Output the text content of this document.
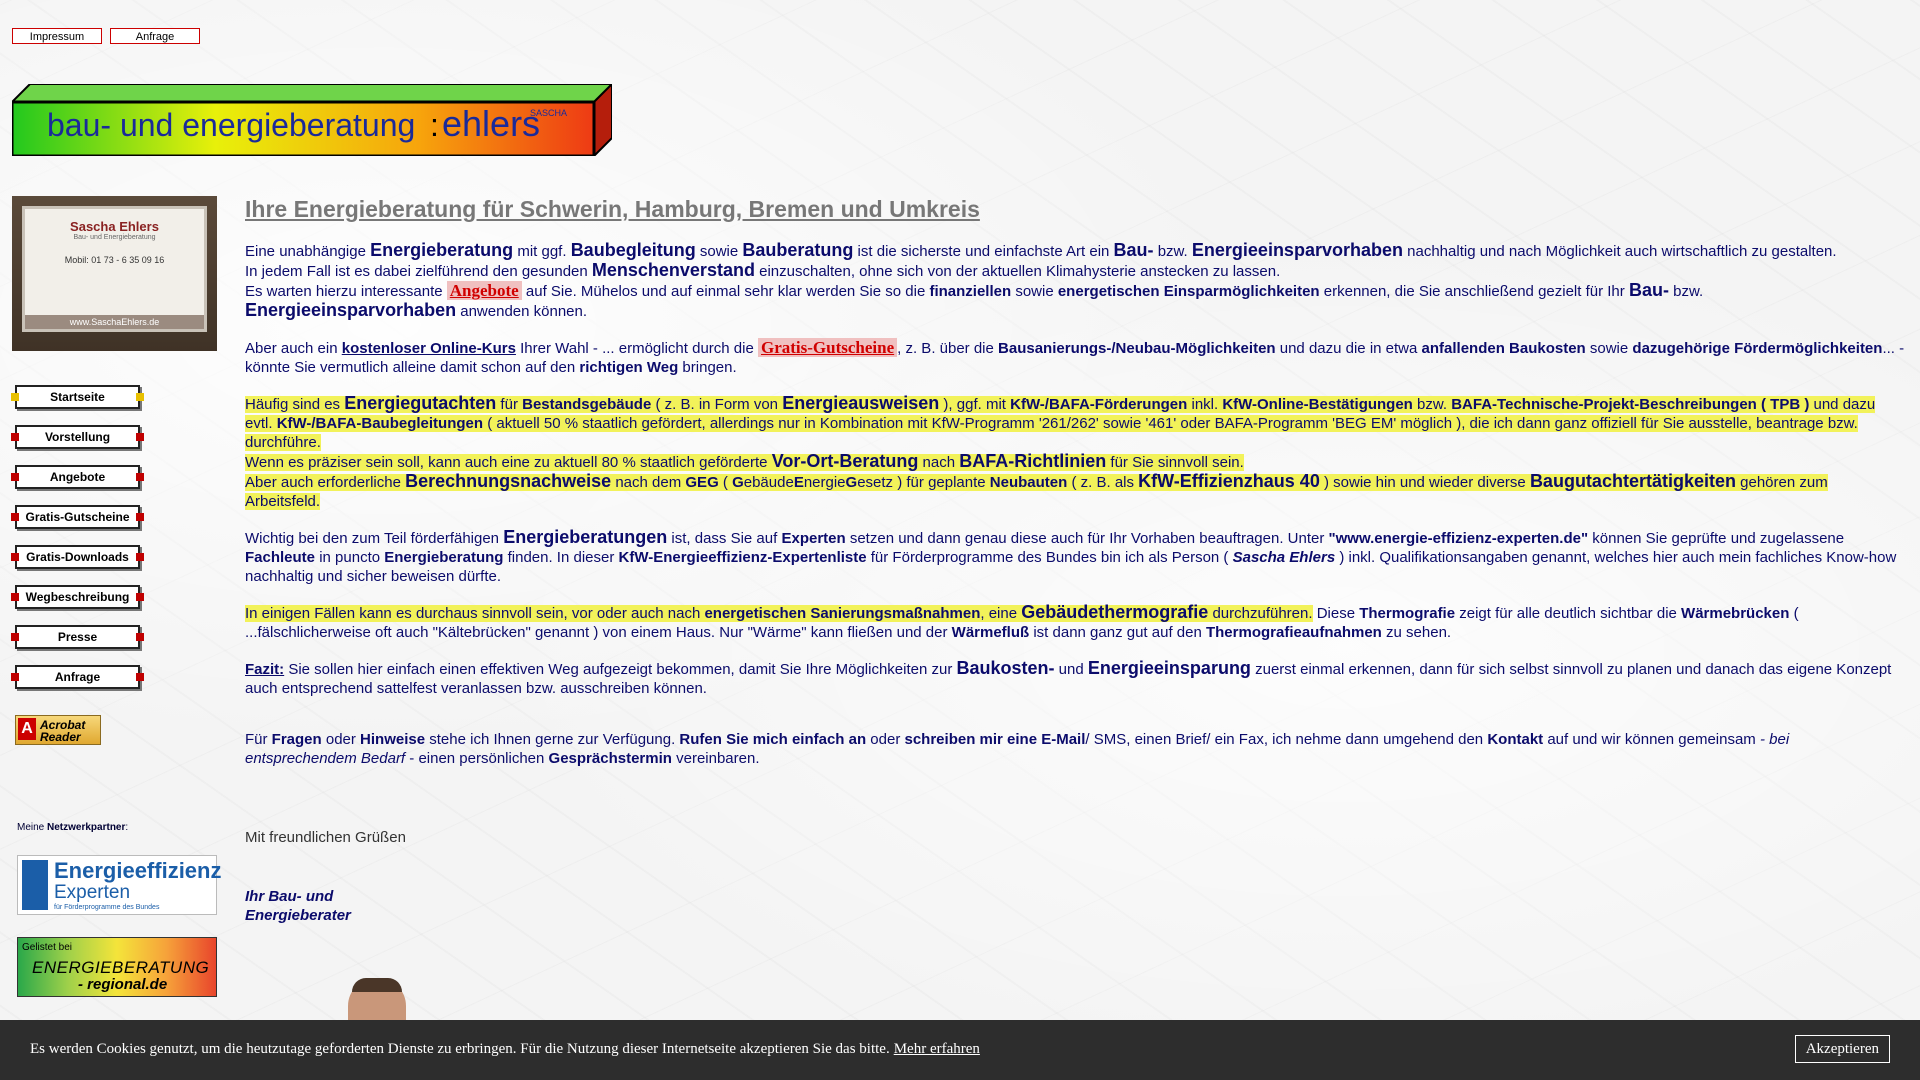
Impressum	Anfrage
bau- und energieberatung : ehlers
SASCHA
Sascha Ehlers
Bau- und Energieberatung
Mobil: 01 73 - 6 35 09 16
www.SaschaEhlers.de
Startseite
Vorstellung
Angebote
Gratis-Gutscheine
Gratis-Downloads
Wegbeschreibung
Presse
Anfrage
A Acrobat Reader
Meine Netzwerkpartner:
Energieeffizienz
Experten
für Förderprogramme des Bundes
Gelistet bei
ENERGIEBERATUNG
- regional.de

Ihre Energieberatung für Schwerin, Hamburg, Bremen und Umkreis

Eine unabhängige Energieberatung mit ggf. Baubegleitung sowie Bauberatung ist die sicherste und einfachste Art ein Bau- bzw. Energieeinsparvorhaben nachhaltig und nach Möglichkeit auch wirtschaftlich zu gestalten.
In jedem Fall ist es dabei zielführend den gesunden Menschenverstand einzuschalten, ohne sich von der aktuellen Klimahysterie anstecken zu lassen.
Es warten hierzu interessante Angebote auf Sie. Mühelos und auf einmal sehr klar werden Sie so die finanziellen sowie energetischen Einsparmöglichkeiten erkennen, die Sie anschließend gezielt für Ihr Bau- bzw. Energieeinsparvorhaben anwenden können.

Aber auch ein kostenloser Online-Kurs Ihrer Wahl - ... ermöglicht durch die Gratis-Gutscheine , z. B. über die Bausanierungs-/Neubau-Möglichkeiten und dazu die in etwa anfallenden Baukosten sowie dazugehörige Fördermöglichkeiten... - könnte Sie vermutlich alleine damit schon auf den richtigen Weg bringen.

Häufig sind es Energiegutachten für Bestandsgebäude ( z. B. in Form von Energieausweisen ), ggf. mit KfW-/BAFA-Förderungen inkl. KfW-Online-Bestätigungen bzw. BAFA-Technische-Projekt-Beschreibungen ( TPB ) und dazu evtl. KfW-/BAFA-Baubegleitungen ( aktuell 50 % staatlich gefördert, allerdings nur in Kombination mit KfW-Programm '261/262' sowie '461' oder BAFA-Programm 'BEG EM' möglich ), die ich dann ganz offiziell für Sie ausstelle, beantrage bzw. durchführe.
Wenn es präziser sein soll, kann auch eine zu aktuell 80 % staatlich geförderte Vor-Ort-Beratung nach BAFA-Richtlinien für Sie sinnvoll sein.
Aber auch erforderliche Berechnungsnachweise nach dem GEG ( GebäudeEnergieGesetz ) für geplante Neubauten ( z. B. als KfW-Effizienzhaus 40 ) sowie hin und wieder diverse Baugutachtertätigkeiten gehören zum Arbeitsfeld.

Wichtig bei den zum Teil förderfähigen Energieberatungen ist, dass Sie auf Experten setzen und dann genau diese auch für Ihr Vorhaben beauftragen. Unter "www.energie-effizienz-experten.de" können Sie geprüfte und zugelassene Fachleute in puncto Energieberatung finden. In dieser KfW-Energieeffizienz-Expertenliste für Förderprogramme des Bundes bin ich als Person ( Sascha Ehlers ) inkl. Qualifikationsangaben genannt, welches hier auch mein fachliches Know-how nachhaltig und sicher beweisen dürfte.

In einigen Fällen kann es durchaus sinnvoll sein, vor oder auch nach energetischen Sanierungsmaßnahmen, eine Gebäudethermografie durchzuführen. Diese Thermografie zeigt für alle deutlich sichtbar die Wärmebrücken ( ...fälschlicherweise oft auch "Kältebrücken" genannt ) von einem Haus. Nur "Wärme" kann fließen und der Wärmefluß ist dann ganz gut auf den Thermografieaufnahmen zu sehen.

Fazit: Sie sollen hier einfach einen effektiven Weg aufgezeigt bekommen, damit Sie Ihre Möglichkeiten zur Baukosten- und Energieeinsparung zuerst einmal erkennen, dann für sich selbst sinnvoll zu planen und danach das eigene Konzept auch entsprechend sattelfest veranlassen bzw. ausschreiben können.

Für Fragen oder Hinweise stehe ich Ihnen gerne zur Verfügung. Rufen Sie mich einfach an oder schreiben mir eine E-Mail/ SMS, einen Brief/ ein Fax, ich nehme dann umgehend den Kontakt auf und wir können gemeinsam - bei entsprechendem Bedarf - einen persönlichen Gesprächstermin vereinbaren.

Mit freundlichen Grüßen

Ihr Bau- und
Energieberater

Es werden Cookies genutzt, um die heutzutage geforderten Dienste zu erbringen. Für die Nutzung dieser Internetseite akzeptieren Sie das bitte. Mehr erfahren	Akzeptieren
